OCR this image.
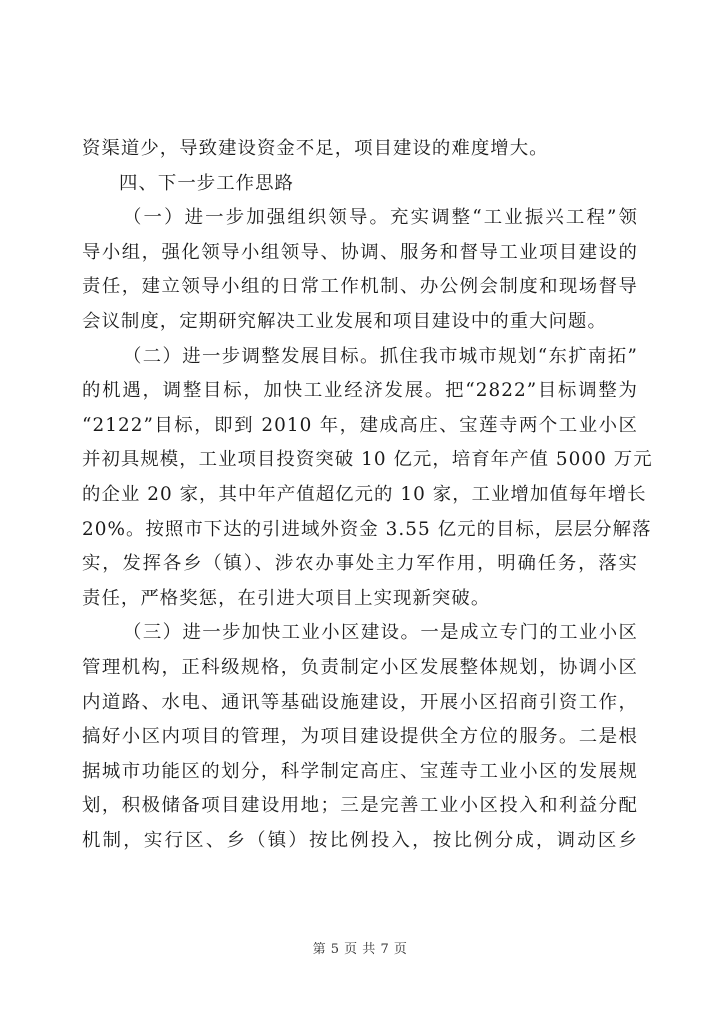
资渠道少，导致建设资金不足，项目建设的难度增大。
四、下一步工作思路
（一）进一步加强组织领导。充实调整“工业振兴工程”领
导小组，强化领导小组领导、协调、服务和督导工业项目建设的
责任，建立领导小组的日常工作机制、办公例会制度和现场督导
会议制度，定期研究解决工业发展和项目建设中的重大问题。
（二）进一步调整发展目标。抓住我市城市规划“东扩南拓”
的机遇，调整目标，加快工业经济发展。把“2822”目标调整为
“2122”目标，即到 2010 年，建成高庄、宝莲寺两个工业小区
并初具规模，工业项目投资突破 10 亿元，培育年产值 5000 万元
的企业 20 家，其中年产值超亿元的 10 家，工业增加值每年增长
20%。按照市下达的引进域外资金 3.55 亿元的目标，层层分解落
实，发挥各乡（镇）、涉农办事处主力军作用，明确任务，落实
责任，严格奖惩，在引进大项目上实现新突破。
（三）进一步加快工业小区建设。一是成立专门的工业小区
管理机构，正科级规格，负责制定小区发展整体规划，协调小区
内道路、水电、通讯等基础设施建设，开展小区招商引资工作，
搞好小区内项目的管理，为项目建设提供全方位的服务。二是根
据城市功能区的划分，科学制定高庄、宝莲寺工业小区的发展规
划，积极储备项目建设用地；三是完善工业小区投入和利益分配
机制，实行区、乡（镇）按比例投入，按比例分成，调动区乡
第 5 页 共 7 页
